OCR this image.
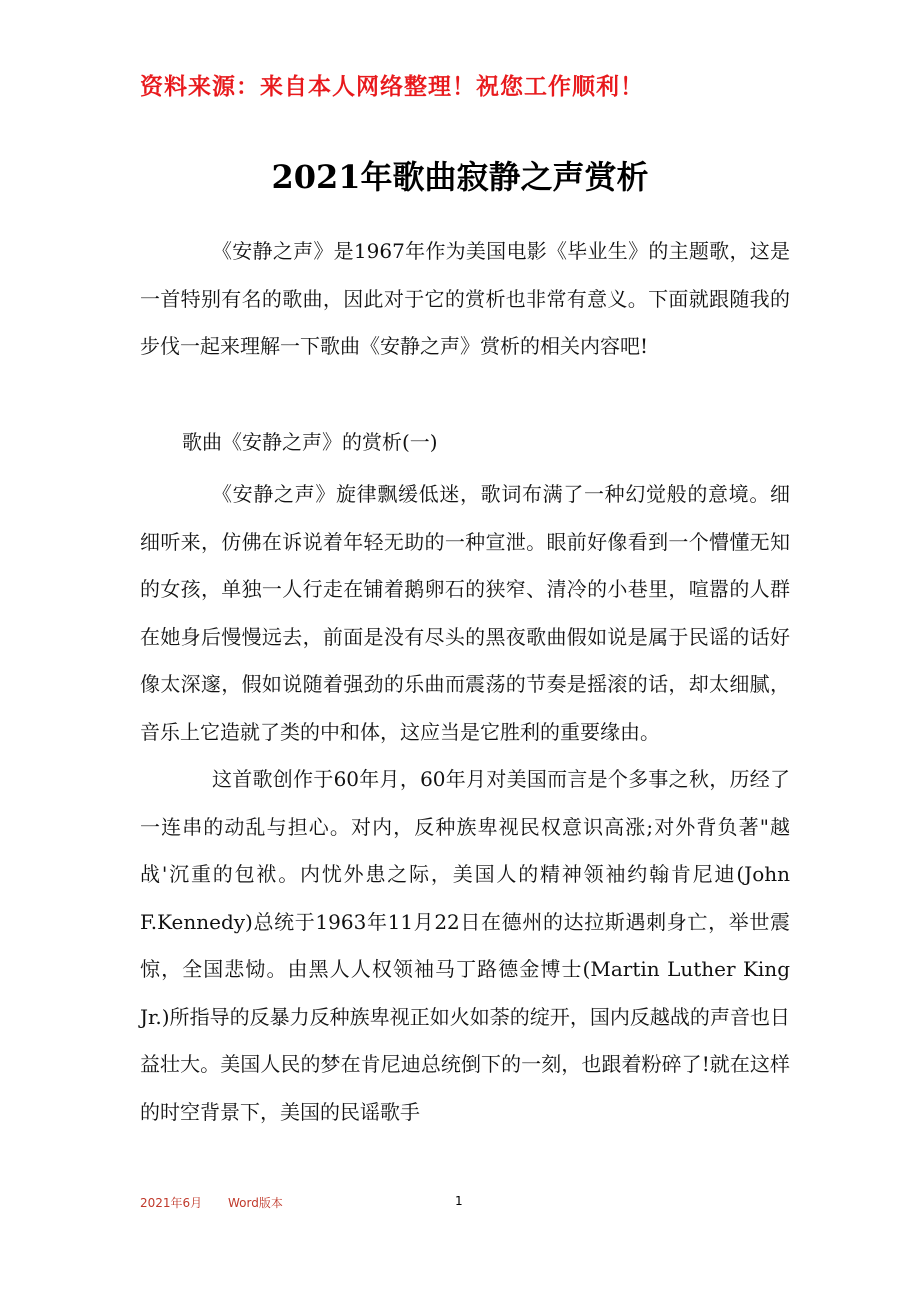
资料来源：来自本人网络整理！祝您工作顺利！
2021年歌曲寂静之声赏析

《安静之声》是1967年作为美国电影《毕业生》的主题歌，这是一首特别有名的歌曲，因此对于它的赏析也非常有意义。下面就跟随我的步伐一起来理解一下歌曲《安静之声》赏析的相关内容吧!

歌曲《安静之声》的赏析(一)

《安静之声》旋律飘缓低迷，歌词布满了一种幻觉般的意境。细细听来，仿佛在诉说着年轻无助的一种宣泄。眼前好像看到一个懵懂无知的女孩，单独一人行走在铺着鹅卵石的狭窄、清冷的小巷里，喧嚣的人群在她身后慢慢远去，前面是没有尽头的黑夜歌曲假如说是属于民谣的话好像太深邃，假如说随着强劲的乐曲而震荡的节奏是摇滚的话，却太细腻，音乐上它造就了类的中和体，这应当是它胜利的重要缘由。

这首歌创作于60年月，60年月对美国而言是个多事之秋，历经了一连串的动乱与担心。对内，反种族卑视民权意识高涨;对外背负著"越战'沉重的包袱。内忧外患之际，美国人的精神领袖约翰肯尼迪(John F.Kennedy)总统于1963年11月22日在德州的达拉斯遇刺身亡，举世震惊，全国悲恸。由黑人人权领袖马丁路德金博士(Martin Luther King Jr.)所指导的反暴力反种族卑视正如火如荼的绽开，国内反越战的声音也日益壮大。美国人民的梦在肯尼迪总统倒下的一刻，也跟着粉碎了!就在这样的时空背景下，美国的民谣歌手

2021年6月 Word版本	1
